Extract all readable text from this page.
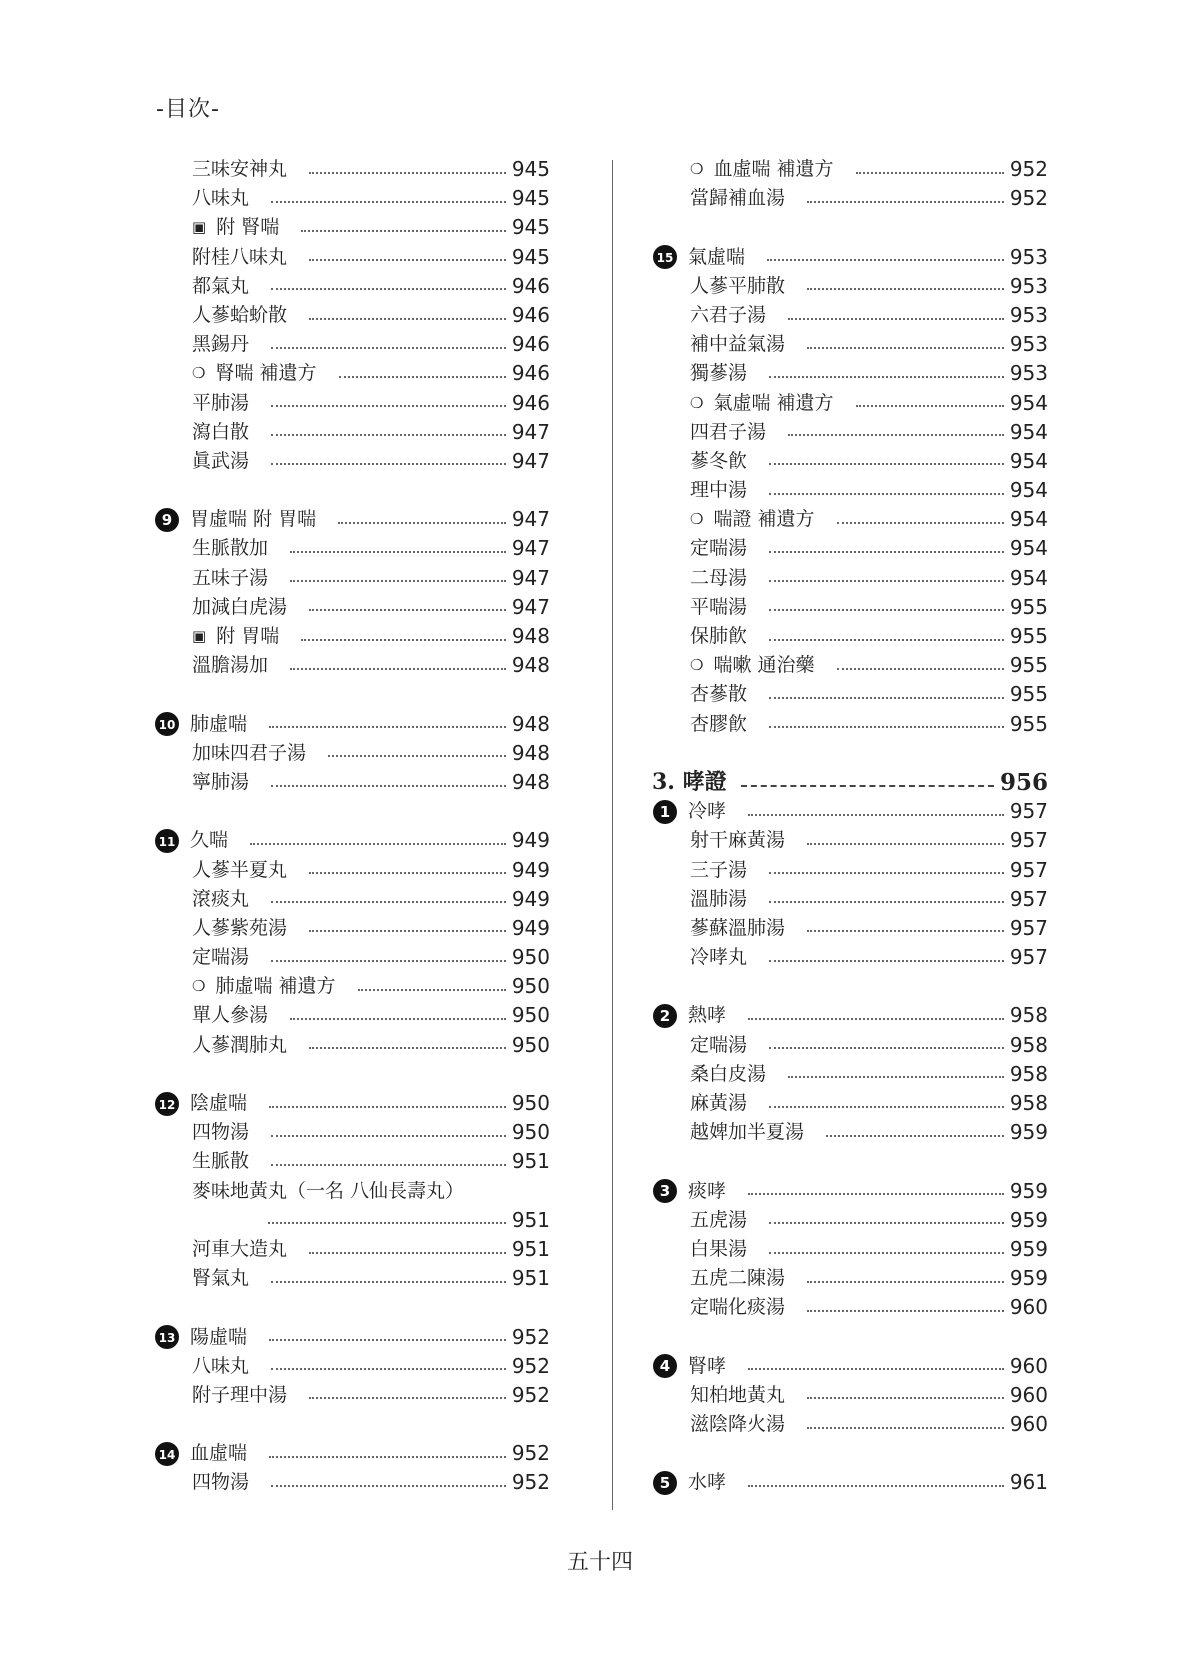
-目次-
三味安神丸	945
八味丸	945
▣ 附 腎喘	945
附桂八味丸	945
都氣丸	946
人蔘蛤蚧散	946
黑錫丹	946
❍ 腎喘 補遺方	946
平肺湯	946
瀉白散	947
眞武湯	947
9 胃虛喘 附 胃喘	947
生脈散加	947
五味子湯	947
加減白虎湯	947
▣ 附 胃喘	948
溫膽湯加	948
10 肺虛喘	948
加味四君子湯	948
寧肺湯	948
11 久喘	949
人蔘半夏丸	949
滾痰丸	949
人蔘紫苑湯	949
定喘湯	950
❍ 肺虛喘 補遺方	950
單人參湯	950
人蔘潤肺丸	950
12 陰虛喘	950
四物湯	950
生脈散	951
麥味地黃丸（一名 八仙長壽丸）
951
河車大造丸	951
腎氣丸	951
13 陽虛喘	952
八味丸	952
附子理中湯	952
14 血虛喘	952
四物湯	952
❍ 血虛喘 補遺方	952
當歸補血湯	952
15 氣虛喘	953
人蔘平肺散	953
六君子湯	953
補中益氣湯	953
獨蔘湯	953
❍ 氣虛喘 補遺方	954
四君子湯	954
蔘冬飮	954
理中湯	954
❍ 喘證 補遺方	954
定喘湯	954
二母湯	954
平喘湯	955
保肺飮	955
❍ 喘嗽 通治藥	955
杏蔘散	955
杏膠飮	955
3. 哮證	956
1 冷哮	957
射干麻黃湯	957
三子湯	957
溫肺湯	957
蔘蘇溫肺湯	957
冷哮丸	957
2 熱哮	958
定喘湯	958
桑白皮湯	958
麻黃湯	958
越婢加半夏湯	959
3 痰哮	959
五虎湯	959
白果湯	959
五虎二陳湯	959
定喘化痰湯	960
4 腎哮	960
知柏地黃丸	960
滋陰降火湯	960
5 水哮	961
五十四
